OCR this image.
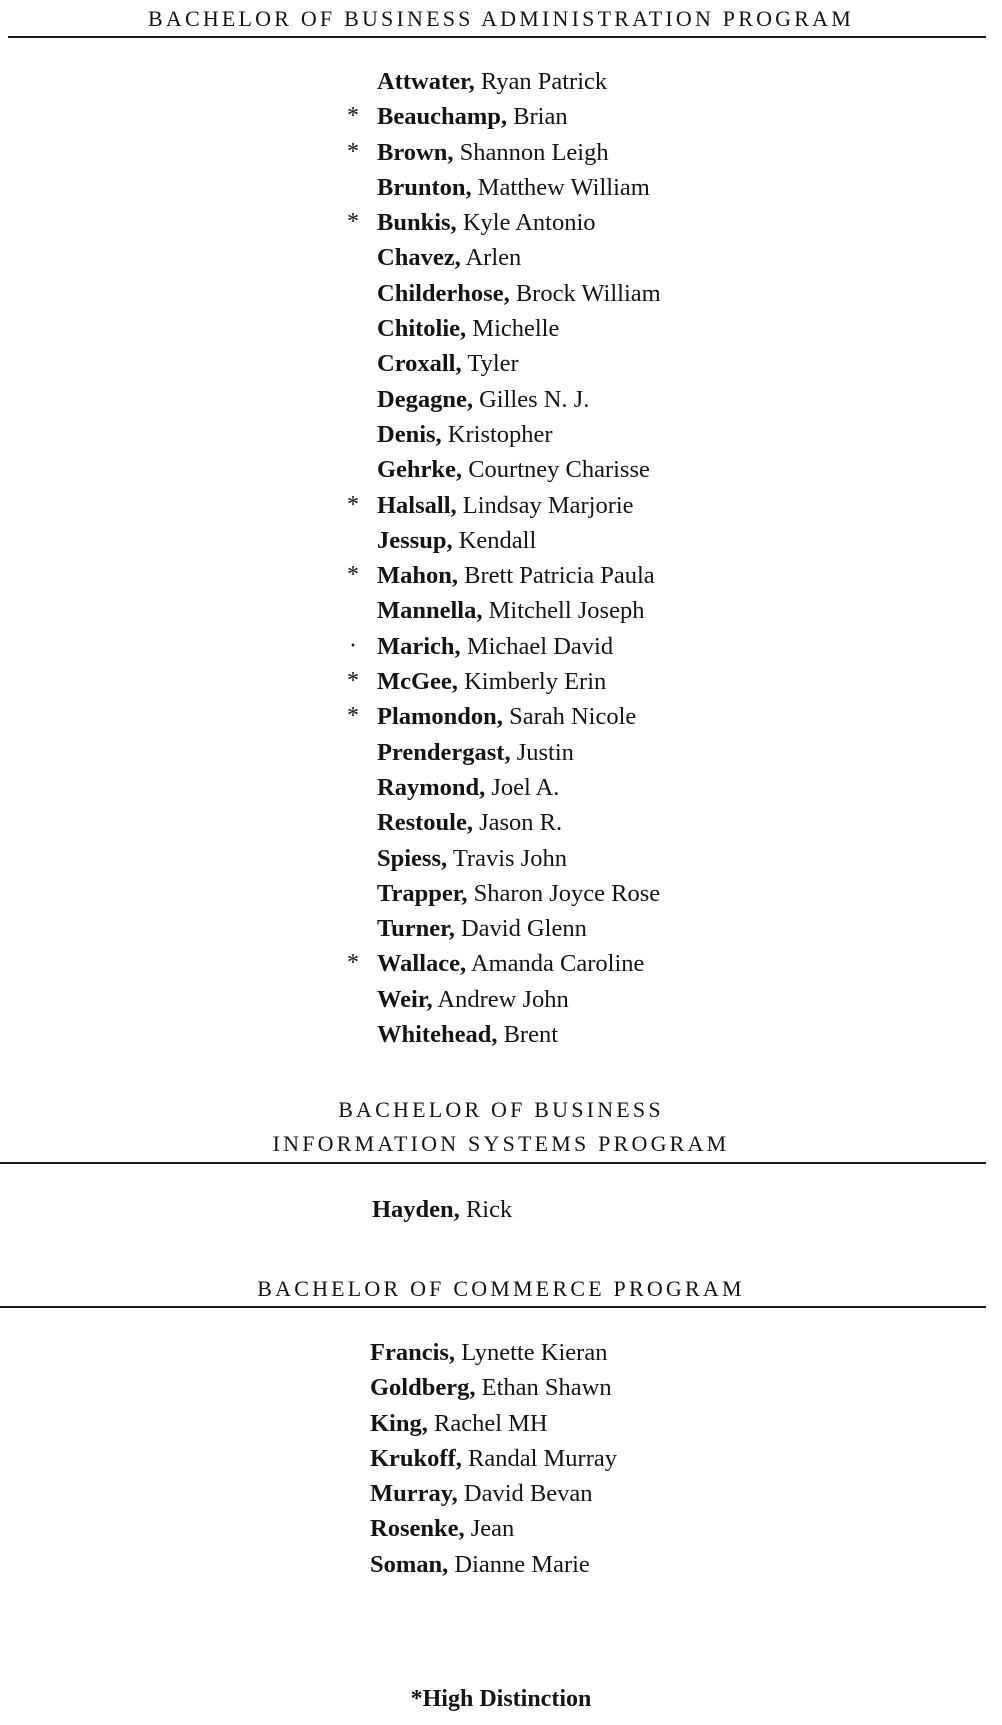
BACHELOR OF BUSINESS ADMINISTRATION PROGRAM
Attwater, Ryan Patrick
* Beauchamp, Brian
* Brown, Shannon Leigh
Brunton, Matthew William
* Bunkis, Kyle Antonio
Chavez, Arlen
Childerhose, Brock William
Chitolie, Michelle
Croxall, Tyler
Degagne, Gilles N. J.
Denis, Kristopher
Gehrke, Courtney Charisse
* Halsall, Lindsay Marjorie
Jessup, Kendall
* Mahon, Brett Patricia Paula
Mannella, Mitchell Joseph
· Marich, Michael David
* McGee, Kimberly Erin
* Plamondon, Sarah Nicole
Prendergast, Justin
Raymond, Joel A.
Restoule, Jason R.
Spiess, Travis John
Trapper, Sharon Joyce Rose
Turner, David Glenn
* Wallace, Amanda Caroline
Weir, Andrew John
Whitehead, Brent
BACHELOR OF BUSINESS
INFORMATION SYSTEMS PROGRAM
Hayden, Rick
BACHELOR OF COMMERCE PROGRAM
Francis, Lynette Kieran
Goldberg, Ethan Shawn
King, Rachel MH
Krukoff, Randal Murray
Murray, David Bevan
Rosenke, Jean
Soman, Dianne Marie
*High Distinction
